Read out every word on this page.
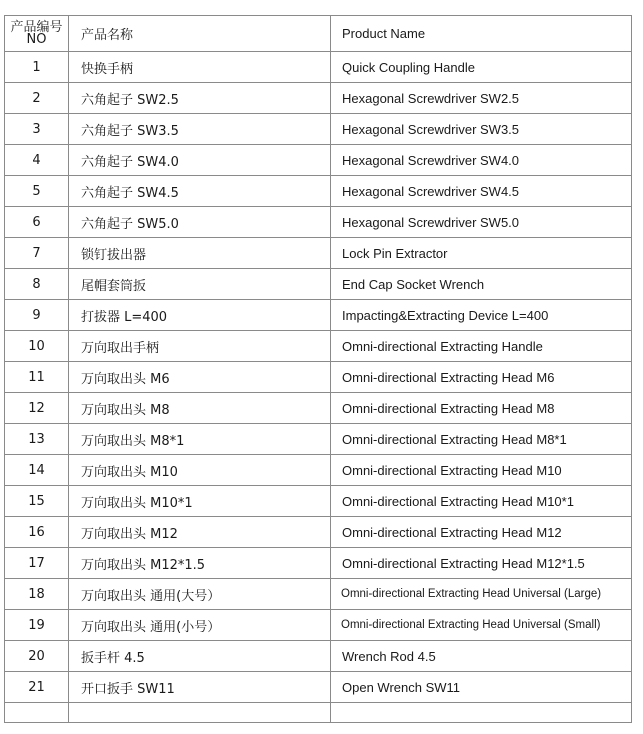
产品编号
NO	产品名称	Product Name
1	快换手柄	Quick Coupling Handle
2	六角起子 SW2.5	Hexagonal Screwdriver SW2.5
3	六角起子 SW3.5	Hexagonal Screwdriver SW3.5
4	六角起子 SW4.0	Hexagonal Screwdriver SW4.0
5	六角起子 SW4.5	Hexagonal Screwdriver SW4.5
6	六角起子 SW5.0	Hexagonal Screwdriver SW5.0
7	锁钉拔出器	Lock Pin Extractor
8	尾帽套筒扳	End Cap Socket Wrench
9	打拔器 L=400	Impacting&Extracting Device L=400
10	万向取出手柄	Omni-directional Extracting Handle
11	万向取出头 M6	Omni-directional Extracting Head M6
12	万向取出头 M8	Omni-directional Extracting Head M8
13	万向取出头 M8*1	Omni-directional Extracting Head M8*1
14	万向取出头 M10	Omni-directional Extracting Head M10
15	万向取出头 M10*1	Omni-directional Extracting Head M10*1
16	万向取出头 M12	Omni-directional Extracting Head M12
17	万向取出头 M12*1.5	Omni-directional Extracting Head M12*1.5
18	万向取出头 通用(大号）	Omni-directional Extracting Head Universal (Large)
19	万向取出头 通用(小号）	Omni-directional Extracting Head Universal (Small)
20	扳手杆 4.5	Wrench Rod 4.5
21	开口扳手 SW11	Open Wrench SW11
